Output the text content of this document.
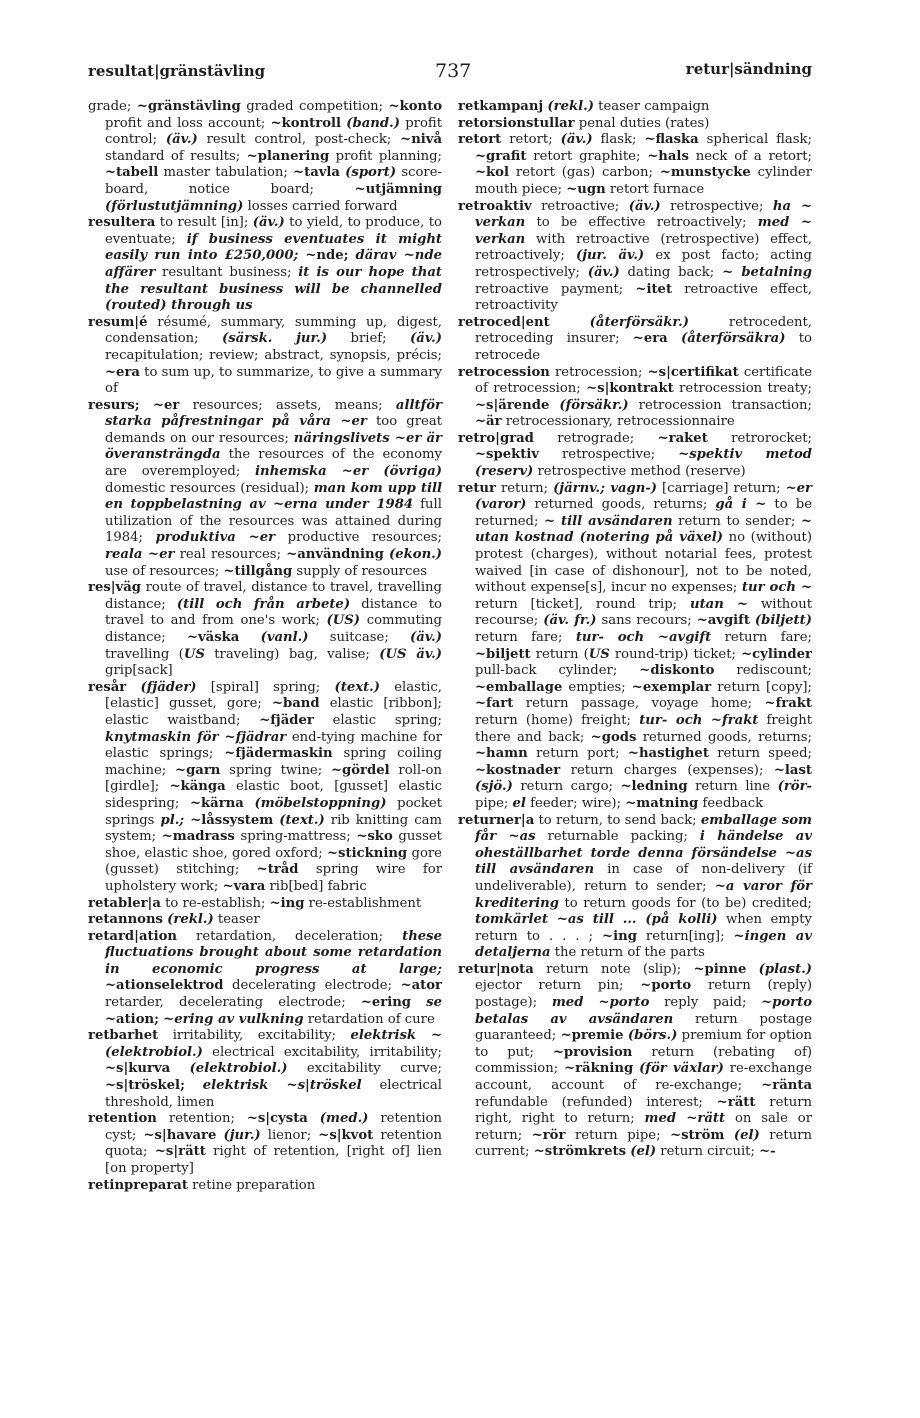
resultat|gränstävling	737	retur|sändning

grade; ~gränstävling graded competition; ~konto profit and loss account; ~kontroll (band.) profit control; (äv.) result control, post-check; ~nivå standard of results; ~planering profit planning; ~tabell master tabulation; ~tavla (sport) score-board, notice board; ~utjämning (förlustutjämning) losses carried forward

resultera to result [in]; (äv.) to yield, to produce, to eventuate; if business eventuates it might easily run into £250,000; ~nde; därav ~nde affärer resultant business; it is our hope that the resultant business will be channelled (routed) through us

resum|é résumé, summary, summing up, digest, condensation; (särsk. jur.) brief; (äv.) recapitulation; review; abstract, synopsis, précis; ~era to sum up, to summarize, to give a summary of

resurs; ~er resources; assets, means; alltför starka påfrestningar på våra ~er too great demands on our resources; näringslivets ~er är överansträngda the resources of the economy are overemployed; inhemska ~er (övriga) domestic resources (residual); man kom upp till en toppbelastning av ~erna under 1984 full utilization of the resources was attained during 1984; produktiva ~er productive resources; reala ~er real resources; ~användning (ekon.) use of resources; ~tillgång supply of resources

res|väg route of travel, distance to travel, travelling distance; (till och från arbete) distance to travel to and from one's work; (US) commuting distance; ~väska (vanl.) suitcase; (äv.) travelling (US traveling) bag, valise; (US äv.) grip[sack]

resår (fjäder) [spiral] spring; (text.) elastic, [elastic] gusset, gore; ~band elastic [ribbon]; elastic waistband; ~fjäder elastic spring; knytmaskin för ~fjädrar end-tying machine for elastic springs; ~fjädermaskin spring coiling machine; ~garn spring twine; ~gördel roll-on [girdle]; ~känga elastic boot, [gusset] elastic sidespring; ~kärna (möbelstoppning) pocket springs pl.; ~låssystem (text.) rib knitting cam system; ~madrass spring-mattress; ~sko gusset shoe, elastic shoe, gored oxford; ~stickning gore (gusset) stitching; ~tråd spring wire for upholstery work; ~vara rib[bed] fabric

retabler|a to re-establish; ~ing re-establishment

retannons (rekl.) teaser

retard|ation retardation, deceleration; these fluctuations brought about some retardation in economic progress at large; ~ationselektrod decelerating electrode; ~ator retarder, decelerating electrode; ~ering se ~ation; ~ering av vulkning retardation of cure

retbarhet irritability, excitability; elektrisk ~ (elektrobiol.) electrical excitability, irritability; ~s|kurva (elektrobiol.) excitability curve; ~s|tröskel; elektrisk ~s|tröskel electrical threshold, limen

retention retention; ~s|cysta (med.) retention cyst; ~s|havare (jur.) lienor; ~s|kvot retention quota; ~s|rätt right of retention, [right of] lien [on property]

retinpreparat retine preparation

retkampanj (rekl.) teaser campaign

retorsionstullar penal duties (rates)

retort retort; (äv.) flask; ~flaska spherical flask; ~grafit retort graphite; ~hals neck of a retort; ~kol retort (gas) carbon; ~munstycke cylinder mouth piece; ~ugn retort furnace

retroaktiv retroactive; (äv.) retrospective; ha ~ verkan to be effective retroactively; med ~ verkan with retroactive (retrospective) effect, retroactively; (jur. äv.) ex post facto; acting retrospectively; (äv.) dating back; ~ betalning retroactive payment; ~itet retroactive effect, retroactivity

retroced|ent	(återförsäkr.) retrocedent, retroceding insurer; ~era (återförsäkra) to retrocede

retrocession retrocession; ~s|certifikat certificate of retrocession; ~s|kontrakt retrocession treaty; ~s|ärende (försäkr.) retrocession transaction; ~är retrocessionary, retrocessionnaire

retro|grad retrograde; ~raket retrorocket; ~spektiv retrospective; ~spektiv metod (reserv) retrospective method (reserve)

retur return; (järnv.; vagn-) [carriage] return; ~er (varor) returned goods, returns; gå i ~ to be returned; ~ till avsändaren return to sender; ~ utan kostnad (notering på växel) no (without) protest (charges), without notarial fees, protest waived [in case of dishonour], not to be noted, without expense[s], incur no expenses; tur och ~ return [ticket], round trip; utan ~ without recourse; (äv. fr.) sans recours; ~avgift (biljett) return fare; tur- och ~avgift return fare; ~biljett return (US round-trip) ticket; ~cylinder pull-back cylinder; ~diskonto rediscount; ~emballage empties; ~exemplar return [copy]; ~fart return passage, voyage home; ~frakt return (home) freight; tur- och ~frakt freight there and back; ~gods returned goods, returns; ~hamn return port; ~hastighet return speed; ~kostnader return charges (expenses); ~last (sjö.) return cargo; ~ledning return line (rör- pipe; el feeder; wire); ~matning feedback

returner|a to return, to send back; emballage som får ~as returnable packing; i händelse av oheställbarhet torde denna försändelse ~as till avsändaren in case of non-delivery (if undeliverable), return to sender; ~a varor för kreditering to return goods for (to be) credited; tomkärlet ~as till ... (på kolli) when empty return to . . . ; ~ing return[ing]; ~ingen av detaljerna the return of the parts

retur|nota return note (slip); ~pinne (plast.) ejector return pin; ~porto return (reply) postage); med ~porto reply paid; ~porto betalas av avsändaren return postage guaranteed; ~premie (börs.) premium for option to put; ~provision return (rebating of) commission; ~räkning (för växlar) re-exchange account, account of re-exchange; ~ränta refundable (refunded) interest; ~rätt return right, right to return; med ~rätt on sale or return; ~rör return pipe; ~ström (el) return current; ~strömkrets (el) return circuit; ~-
